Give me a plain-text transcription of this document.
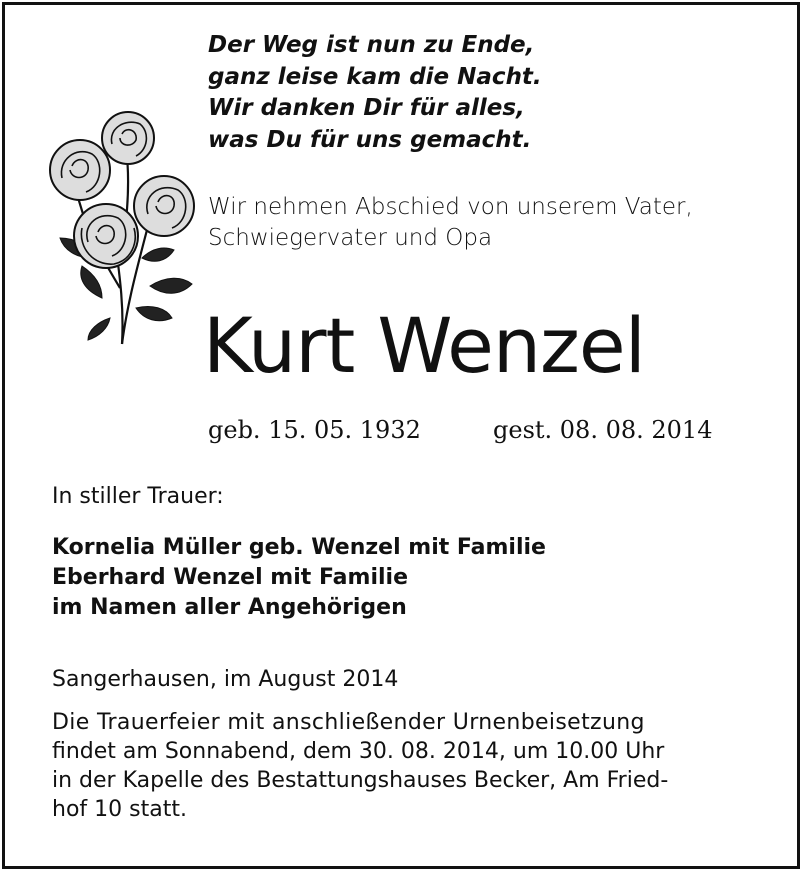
Der Weg ist nun zu Ende,
ganz leise kam die Nacht.
Wir danken Dir für alles,
was Du für uns gemacht.
Wir nehmen Abschied von unserem Vater,
Schwiegervater und Opa
Kurt Wenzel
geb. 15. 05. 1932	gest. 08. 08. 2014
In stiller Trauer:
Kornelia Müller geb. Wenzel mit Familie
Eberhard Wenzel mit Familie
im Namen aller Angehörigen
Sangerhausen, im August 2014
Die Trauerfeier mit anschließender Urnenbeisetzung
findet am Sonnabend, dem 30. 08. 2014, um 10.00 Uhr
in der Kapelle des Bestattungshauses Becker, Am Fried-
hof 10 statt.
